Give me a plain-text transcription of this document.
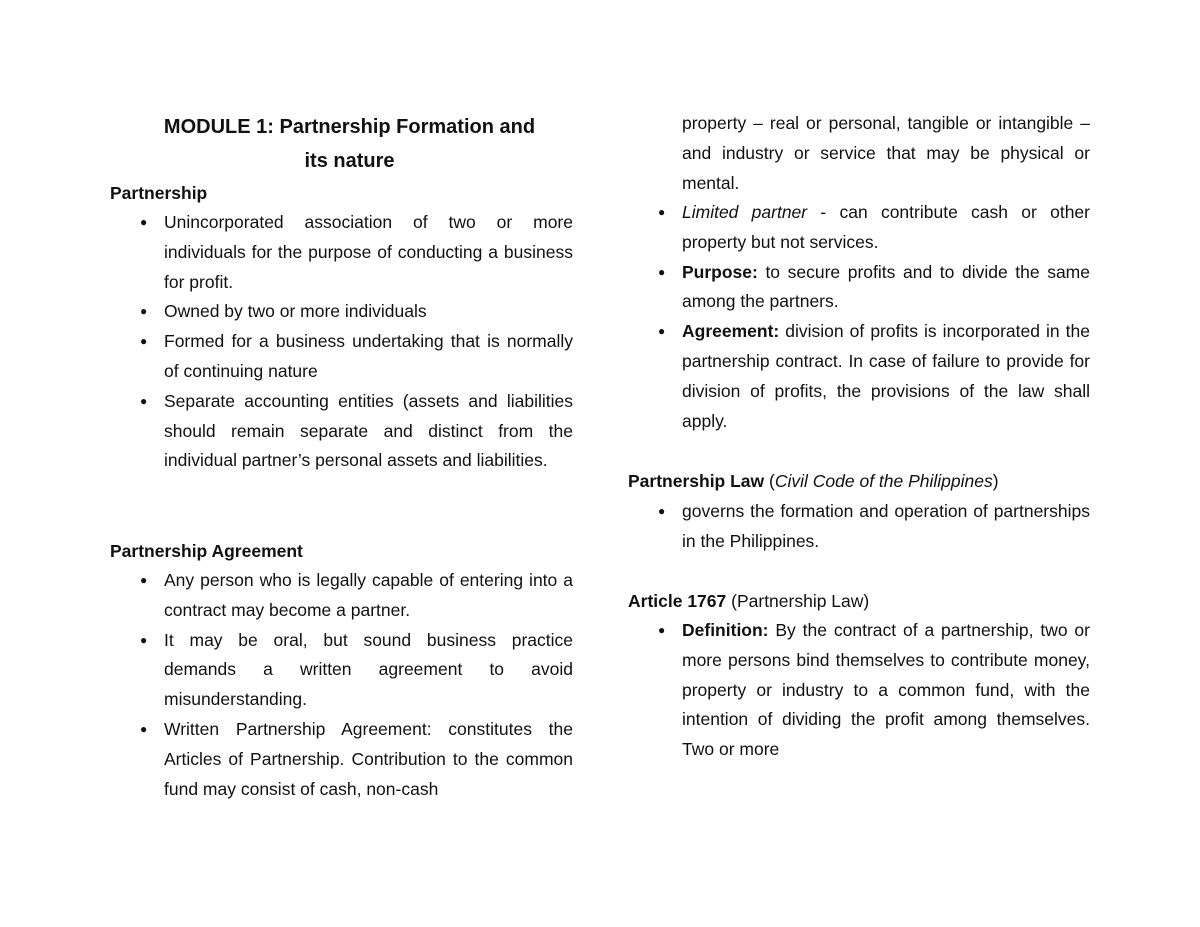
MODULE 1: Partnership Formation and
its nature
Partnership
● Unincorporated association of two or more individuals for the purpose of conducting a business for profit.
● Owned by two or more individuals
● Formed for a business undertaking that is normally of continuing nature
● Separate accounting entities (assets and liabilities should remain separate and distinct from the individual partner’s personal assets and liabilities.
Partnership Agreement
● Any person who is legally capable of entering into a contract may become a partner.
● It may be oral, but sound business practice demands a written agreement to avoid misunderstanding.
● Written Partnership Agreement: constitutes the Articles of Partnership. Contribution to the common fund may consist of cash, non-cash
property – real or personal, tangible or intangible – and industry or service that may be physical or mental.
● Limited partner - can contribute cash or other property but not services.
● Purpose: to secure profits and to divide the same among the partners.
● Agreement: division of profits is incorporated in the partnership contract. In case of failure to provide for division of profits, the provisions of the law shall apply.
Partnership Law (Civil Code of the Philippines)
● governs the formation and operation of partnerships in the Philippines.
Article 1767 (Partnership Law)
● Definition: By the contract of a partnership, two or more persons bind themselves to contribute money, property or industry to a common fund, with the intention of dividing the profit among themselves. Two or more
